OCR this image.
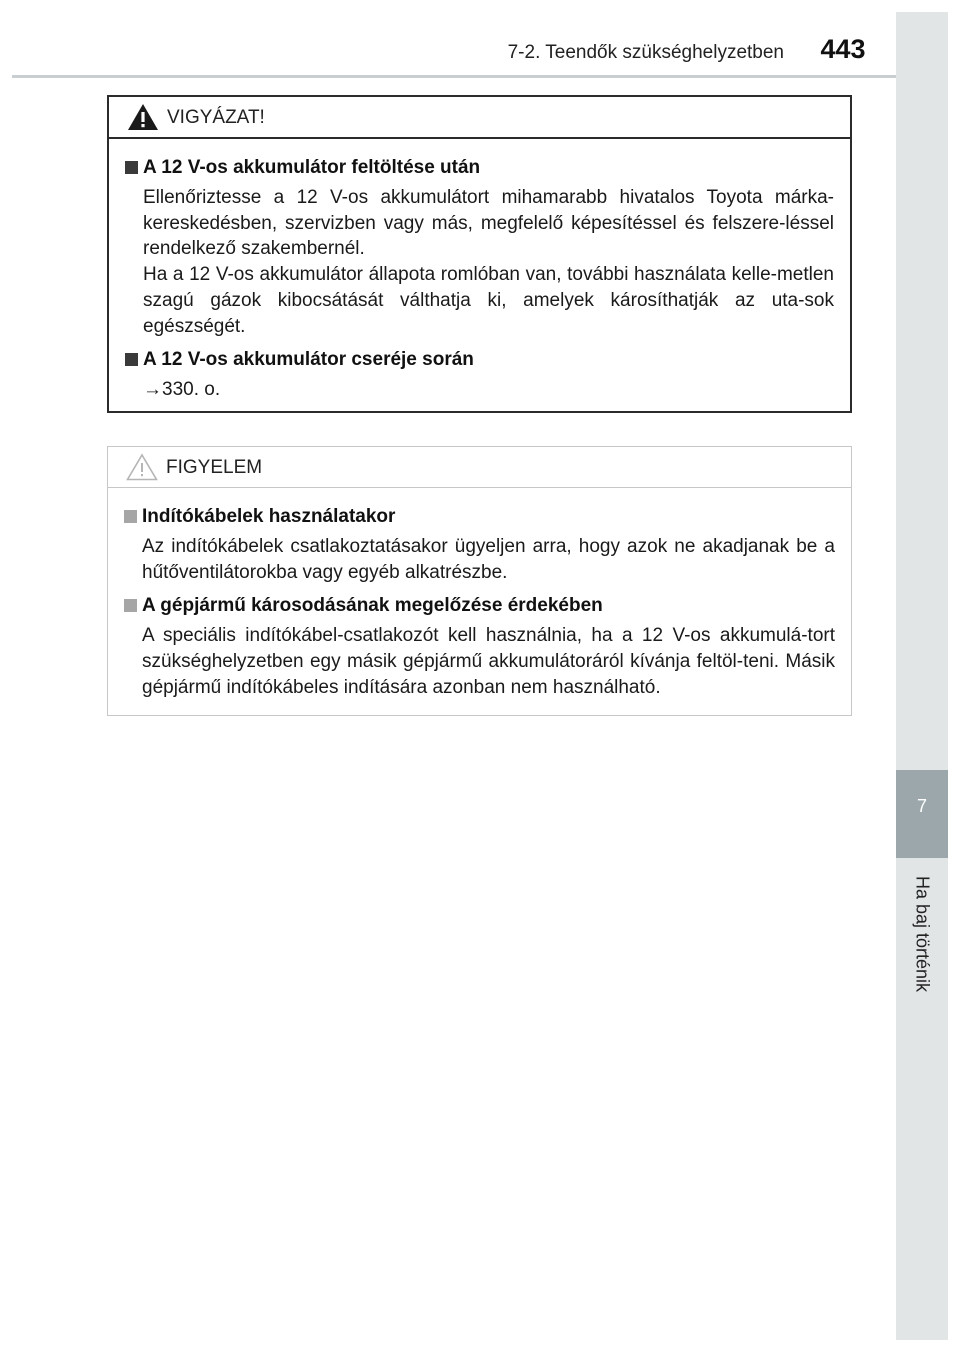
7-2. Teendők szükséghelyzetben	443
7
Ha baj történik
VIGYÁZAT!
A 12 V-os akkumulátor feltöltése után
Ellenőriztesse a 12 V-os akkumulátort mihamarabb hivatalos Toyota márka-kereskedésben, szervizben vagy más, megfelelő képesítéssel és felszere-léssel rendelkező szakembernél.
Ha a 12 V-os akkumulátor állapota romlóban van, további használata kelle-metlen szagú gázok kibocsátását válthatja ki, amelyek károsíthatják az uta-sok egészségét.
A 12 V-os akkumulátor cseréje során
→330. o.
FIGYELEM
Indítókábelek használatakor
Az indítókábelek csatlakoztatásakor ügyeljen arra, hogy azok ne akadjanak be a hűtőventilátorokba vagy egyéb alkatrészbe.
A gépjármű károsodásának megelőzése érdekében
A speciális indítókábel-csatlakozót kell használnia, ha a 12 V-os akkumulá-tort szükséghelyzetben egy másik gépjármű akkumulátoráról kívánja feltöl-teni. Másik gépjármű indítókábeles indítására azonban nem használható.
